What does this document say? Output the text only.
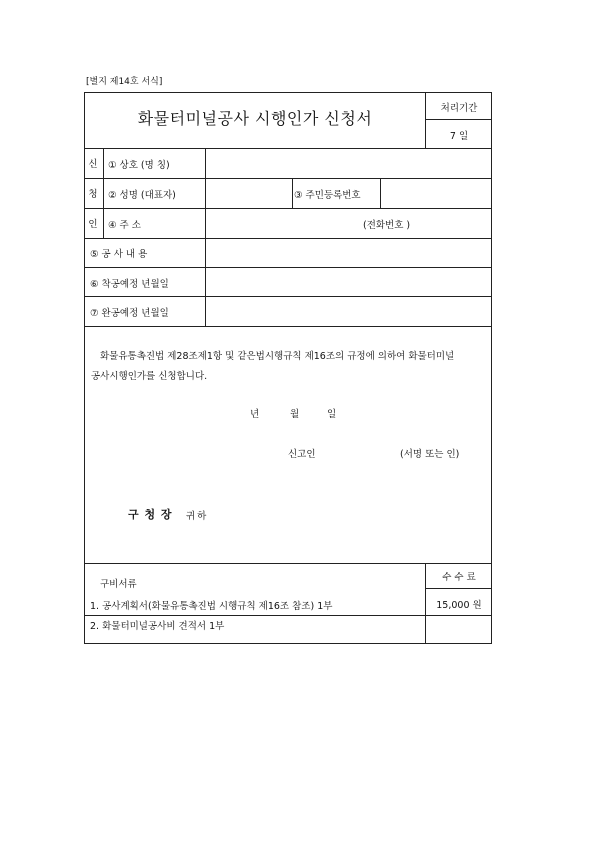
[별지 제14호 서식]
화물터미널공사 시행인가 신청서
처리기간
7 일
신
청
인
① 상호 (명 칭)
② 성명 (대표자)	③ 주민등록번호
④ 주 소	(전화번호 )
⑤ 공 사 내 용
⑥ 착공예정 년월일
⑦ 완공예정 년월일
화물유통촉진법 제28조제1항 및 같은법시행규칙 제16조의 규정에 의하여 화물터미널
공사시행인가를 신청합니다.
년	월	일
신고인	(서명 또는 인)
구 청 장 귀하
구비서류
1. 공사계획서(화물유통촉진법 시행규칙 제16조 참조) 1부
2. 화물터미널공사비 견적서 1부
수 수 료
15,000 원
